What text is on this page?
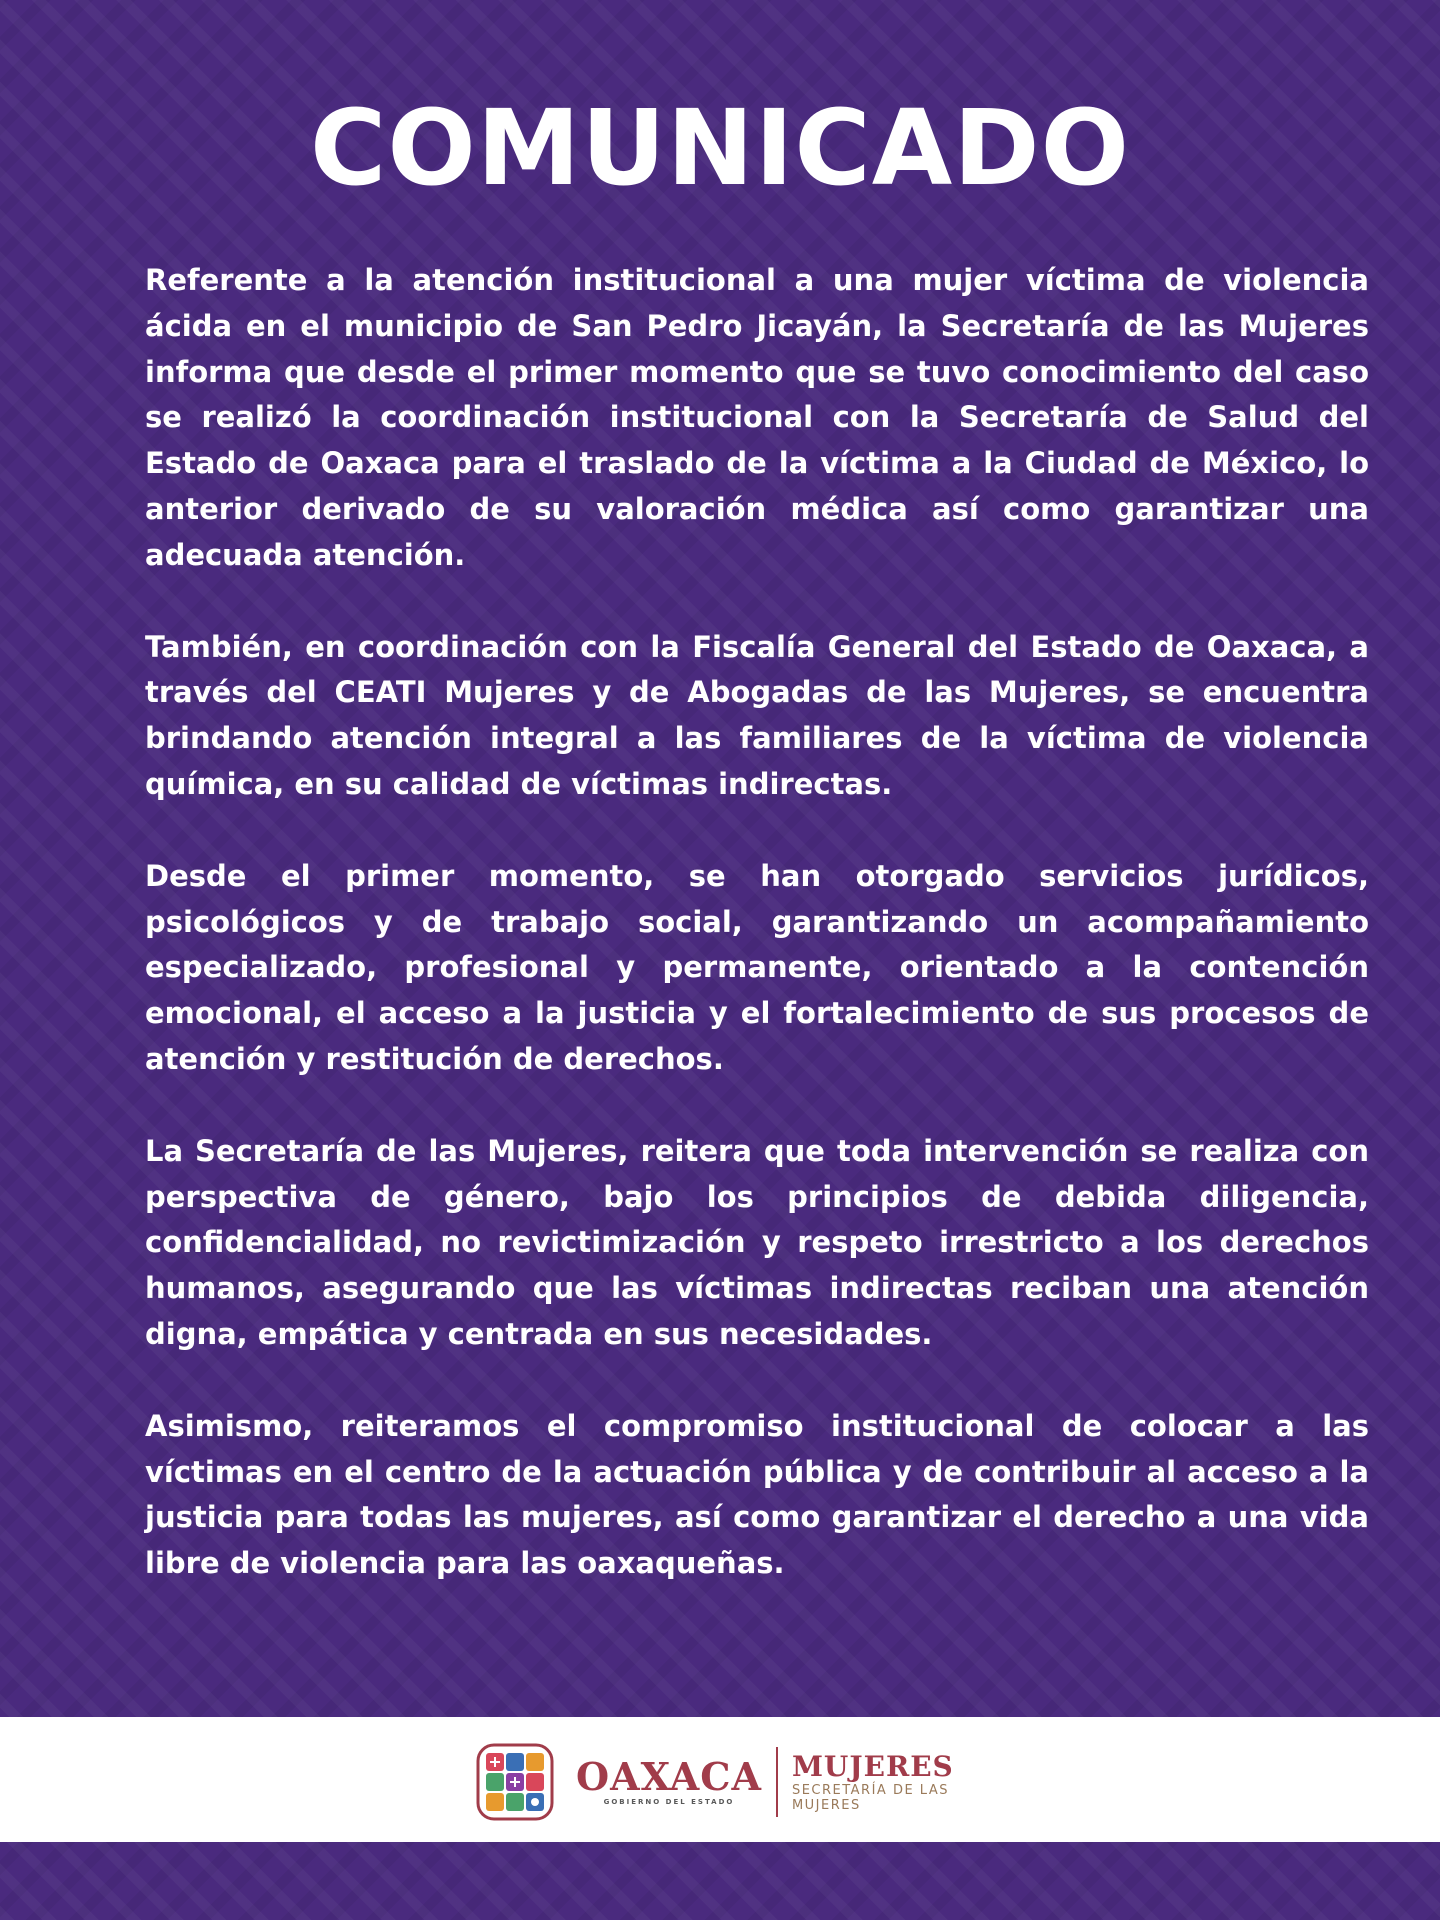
COMUNICADO

Referente a la atención institucional a una mujer víctima de violencia ácida en el municipio de San Pedro Jicayán, la Secretaría de las Mujeres informa que desde el primer momento que se tuvo conocimiento del caso se realizó la coordinación institucional con la Secretaría de Salud del Estado de Oaxaca para el traslado de la víctima a la Ciudad de México, lo anterior derivado de su valoración médica así como garantizar una adecuada atención.

También, en coordinación con la Fiscalía General del Estado de Oaxaca, a través del CEATI Mujeres y de Abogadas de las Mujeres, se encuentra brindando atención integral a las familiares de la víctima de violencia química, en su calidad de víctimas indirectas.

Desde el primer momento, se han otorgado servicios jurídicos, psicológicos y de trabajo social, garantizando un acompañamiento especializado, profesional y permanente, orientado a la contención emocional, el acceso a la justicia y el fortalecimiento de sus procesos de atención y restitución de derechos.

La Secretaría de las Mujeres, reitera que toda intervención se realiza con perspectiva de género, bajo los principios de debida diligencia, confidencialidad, no revictimización y respeto irrestricto a los derechos humanos, asegurando que las víctimas indirectas reciban una atención digna, empática y centrada en sus necesidades.

Asimismo, reiteramos el compromiso institucional de colocar a las víctimas en el centro de la actuación pública y de contribuir al acceso a la justicia para todas las mujeres, así como garantizar el derecho a una vida libre de violencia para las oaxaqueñas.

OAXACA
GOBIERNO DEL ESTADO
MUJERES
SECRETARÍA DE LAS
MUJERES
